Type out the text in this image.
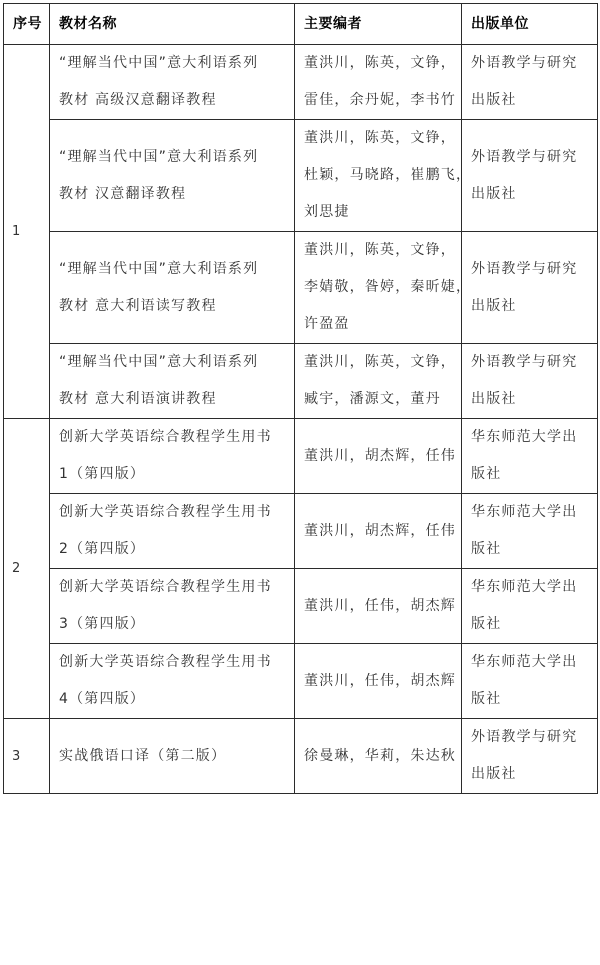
序号	教材名称	主要编者	出版单位
1	“理解当代中国”意大利语系列
教材 高级汉意翻译教程	董洪川，陈英，文铮，
雷佳，余丹妮，李书竹	外语教学与研究
出版社

	“理解当代中国”意大利语系列
教材 汉意翻译教程	董洪川，陈英，文铮，
杜颖，马晓路，崔鹏飞，
刘思捷	外语教学与研究
出版社

	“理解当代中国”意大利语系列
教材 意大利语读写教程	董洪川，陈英，文铮，
李婧敬，昝婷，秦昕婕，
许盈盈	外语教学与研究
出版社

	“理解当代中国”意大利语系列
教材 意大利语演讲教程	董洪川，陈英，文铮，
臧宇，潘源文，董丹	外语教学与研究
出版社

2	创新大学英语综合教程学生用书
1（第四版）	董洪川，胡杰辉，任伟	华东师范大学出
版社

	创新大学英语综合教程学生用书
2（第四版）	董洪川，胡杰辉，任伟	华东师范大学出
版社

	创新大学英语综合教程学生用书
3（第四版）	董洪川，任伟，胡杰辉	华东师范大学出
版社

	创新大学英语综合教程学生用书
4（第四版）	董洪川，任伟，胡杰辉	华东师范大学出
版社

3	实战俄语口译（第二版）	徐曼琳，华莉，朱达秋	外语教学与研究
出版社
